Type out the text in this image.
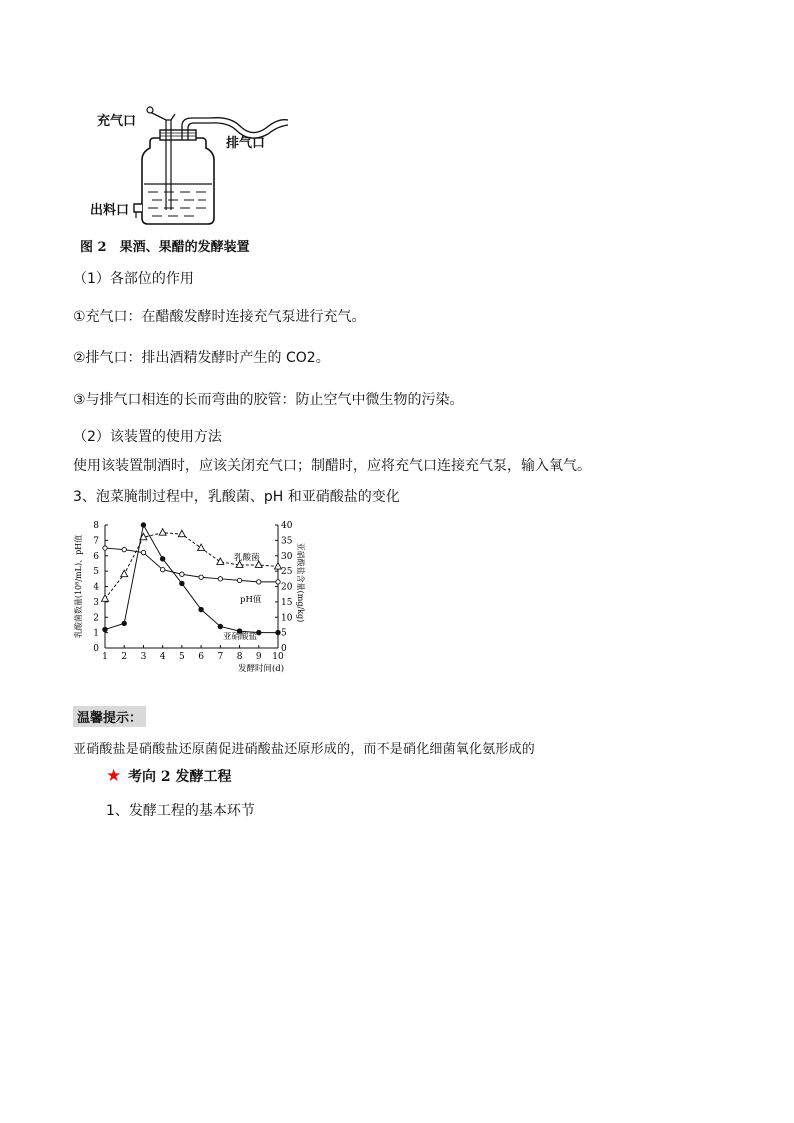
充气口
排气口
出料口
图 2　果酒、果醋的发酵装置
（1）各部位的作用
①充气口：在醋酸发酵时连接充气泵进行充气。
②排气口：排出酒精发酵时产生的 CO2。
③与排气口相连的长而弯曲的胶管：防止空气中微生物的污染。
（2）该装置的使用方法
使用该装置制酒时，应该关闭充气口；制醋时，应将充气口连接充气泵，输入氧气。
3、泡菜腌制过程中，乳酸菌、pH 和亚硝酸盐的变化
0
1
2
3
4
5
6
7
8
0
5
10
15
20
25
30
35
40
1 2 3 4 5 6 7 8 9 10
发酵时间(d)
乳酸菌数量(10⁸/mL)、pH值	亚硝酸盐含量(mg/kg)
乳酸菌
pH值
亚硝酸盐
温馨提示：
亚硝酸盐是硝酸盐还原菌促进硝酸盐还原形成的，而不是硝化细菌氧化氨形成的
★ 考向 2 发酵工程
1、发酵工程的基本环节
